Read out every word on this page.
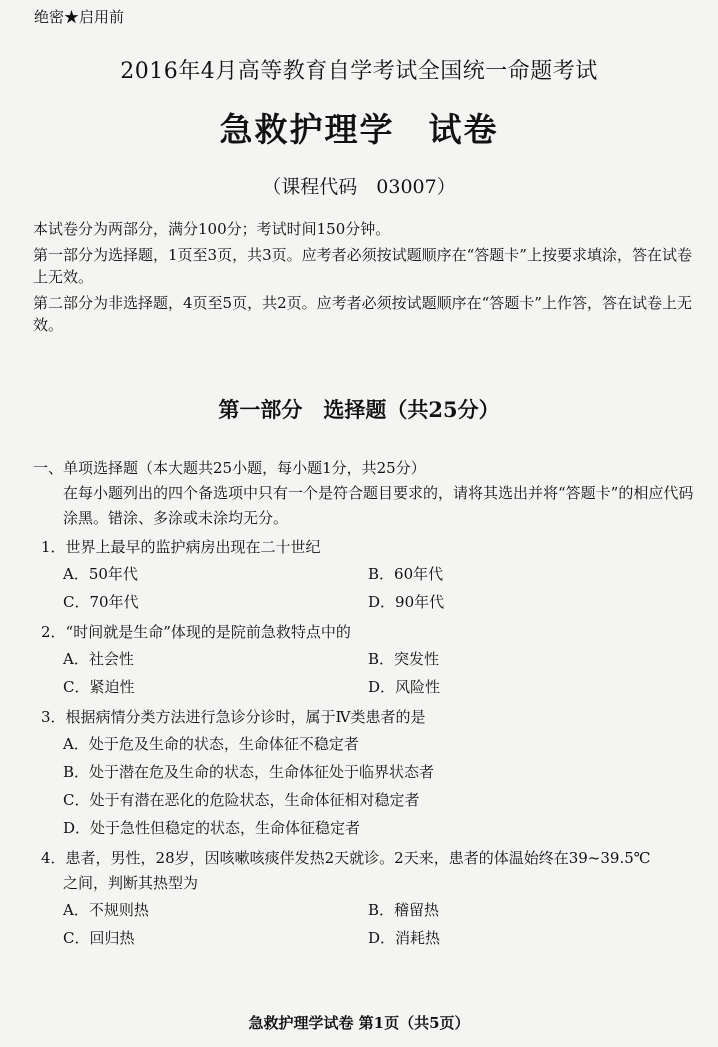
绝密★启用前
2016年4月高等教育自学考试全国统一命题考试
急救护理学 试卷
（课程代码　03007）

本试卷分为两部分，满分100分；考试时间150分钟。

第一部分为选择题，1页至3页，共3页。应考者必须按试题顺序在“答题卡”上按要求填涂，答在试卷上无效。

第二部分为非选择题，4页至5页，共2页。应考者必须按试题顺序在“答题卡”上作答，答在试卷上无效。

第一部分　选择题（共25分）

一、单项选择题（本大题共25小题，每小题1分，共25分）

在每小题列出的四个备选项中只有一个是符合题目要求的，请将其选出并将“答题卡”的相应代码涂黑。错涂、多涂或未涂均无分。

1．世界上最早的监护病房出现在二十世纪
A．50年代	B．60年代
C．70年代	D．90年代
2．“时间就是生命”体现的是院前急救特点中的
A．社会性	B．突发性
C．紧迫性	D．风险性
3．根据病情分类方法进行急诊分诊时，属于Ⅳ类患者的是
A．处于危及生命的状态，生命体征不稳定者
B．处于潜在危及生命的状态，生命体征处于临界状态者
C．处于有潜在恶化的危险状态，生命体征相对稳定者
D．处于急性但稳定的状态，生命体征稳定者
4．患者，男性，28岁，因咳嗽咳痰伴发热2天就诊。2天来，患者的体温始终在39~39.5℃
之间，判断其热型为
A．不规则热	B．稽留热
C．回归热	D．消耗热
急救护理学试卷 第1页（共5页）
